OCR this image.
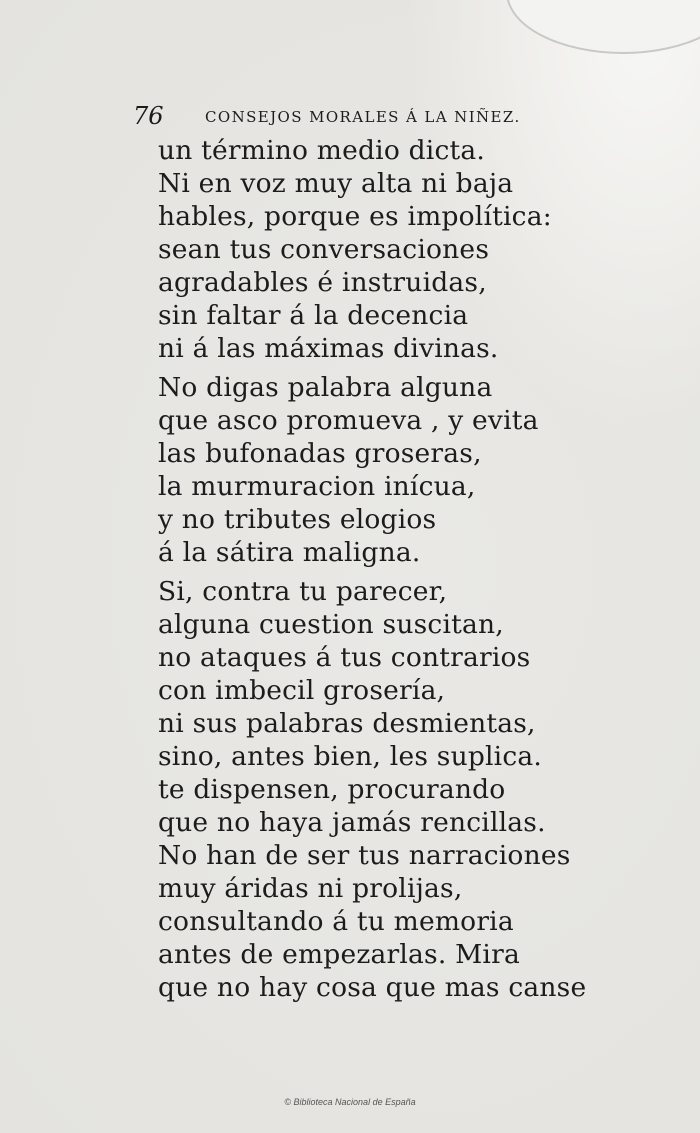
76	CONSEJOS MORALES Á LA NIÑEZ.
un término medio dicta.
Ni en voz muy alta ni baja
hables, porque es impolítica:
sean tus conversaciones
agradables é instruidas,
sin faltar á la decencia
ni á las máximas divinas.
No digas palabra alguna
que asco promueva , y evita
las bufonadas groseras,
la murmuracion inícua,
y no tributes elogios
á la sátira maligna.
Si, contra tu parecer,
alguna cuestion suscitan,
no ataques á tus contrarios
con imbecil grosería,
ni sus palabras desmientas,
sino, antes bien, les suplica.
te dispensen, procurando
que no haya jamás rencillas.
No han de ser tus narraciones
muy áridas ni prolijas,
consultando á tu memoria
antes de empezarlas. Mira
que no hay cosa que mas canse
© Biblioteca Nacional de España
